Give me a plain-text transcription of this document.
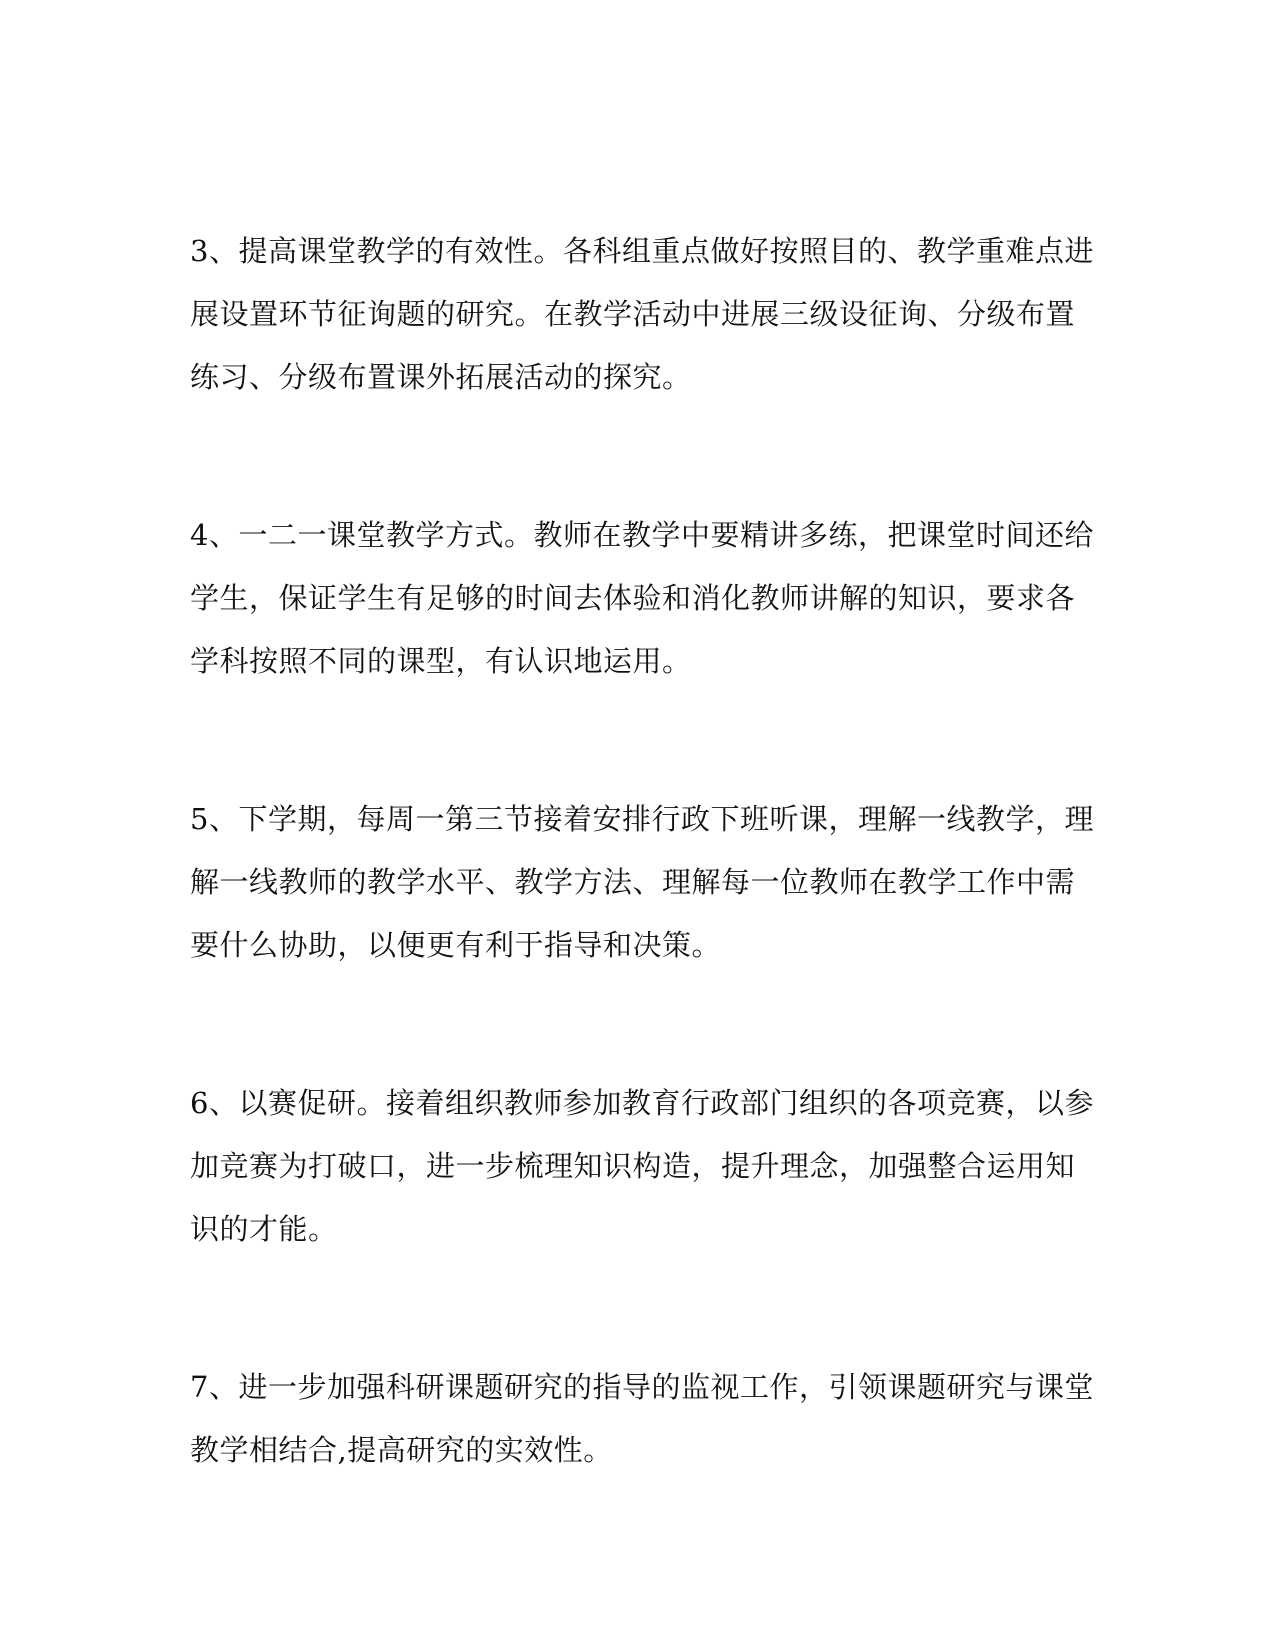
3、提高课堂教学的有效性。各科组重点做好按照目的、教学重难点进
展设置环节征询题的研究。在教学活动中进展三级设征询、分级布置
练习、分级布置课外拓展活动的探究。
4、一二一课堂教学方式。教师在教学中要精讲多练，把课堂时间还给
学生，保证学生有足够的时间去体验和消化教师讲解的知识，要求各
学科按照不同的课型，有认识地运用。
5、下学期，每周一第三节接着安排行政下班听课，理解一线教学，理
解一线教师的教学水平、教学方法、理解每一位教师在教学工作中需
要什么协助，以便更有利于指导和决策。
6、以赛促研。接着组织教师参加教育行政部门组织的各项竞赛，以参
加竞赛为打破口，进一步梳理知识构造，提升理念，加强整合运用知
识的才能。
7、进一步加强科研课题研究的指导的监视工作，引领课题研究与课堂
教学相结合,提高研究的实效性。
